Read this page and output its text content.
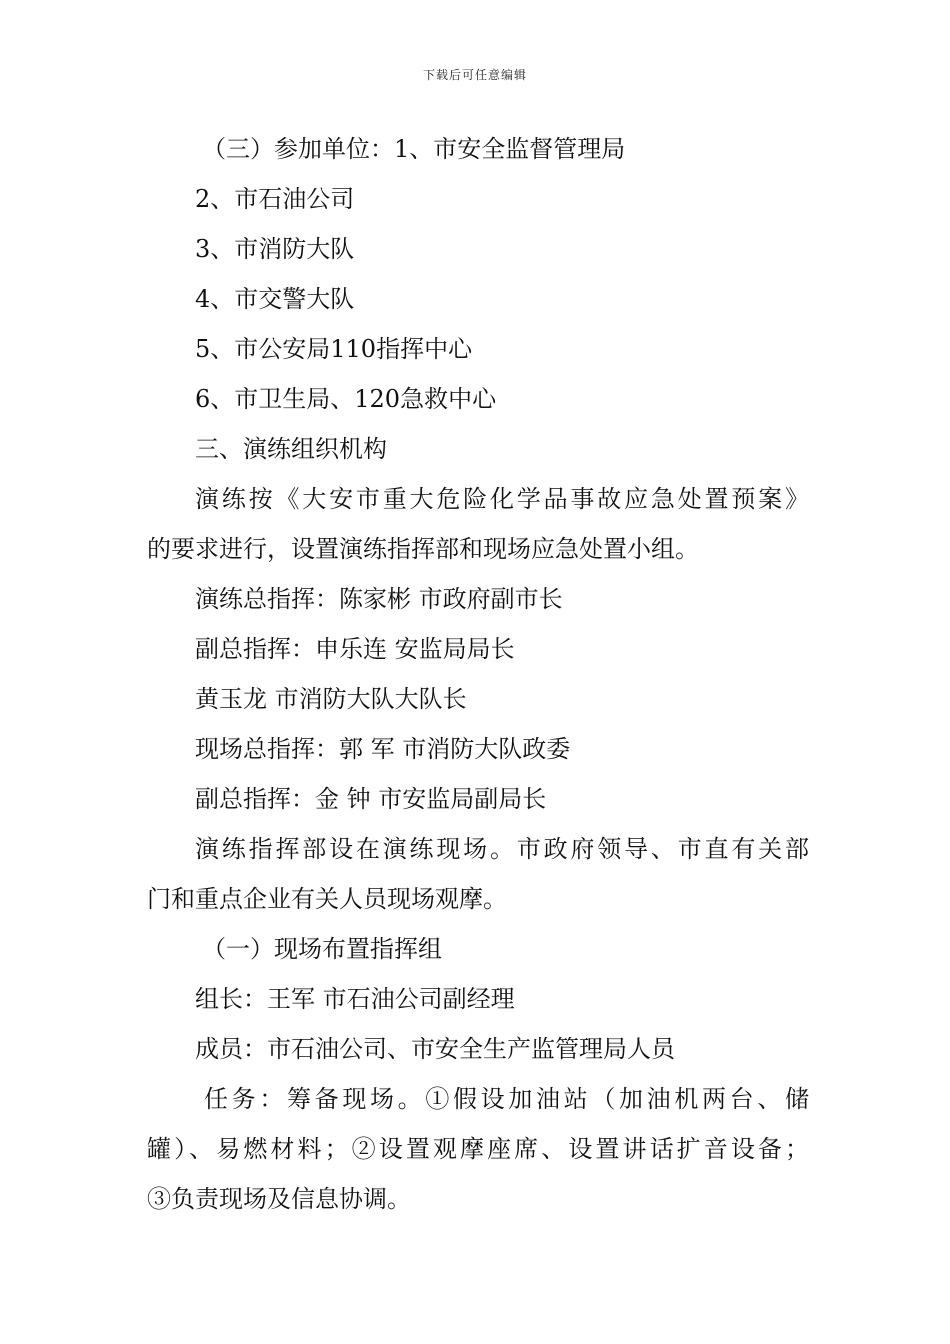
下载后可任意编辑
（三）参加单位：1、市安全监督管理局
2、市石油公司
3、市消防大队
4、市交警大队
5、市公安局110指挥中心
6、市卫生局、120急救中心
三、演练组织机构
演练按《大安市重大危险化学品事故应急处置预案》
的要求进行，设置演练指挥部和现场应急处置小组。
演练总指挥：陈家彬 市政府副市长
副总指挥：申乐连 安监局局长
黄玉龙 市消防大队大队长
现场总指挥：郭 军 市消防大队政委
副总指挥：金 钟 市安监局副局长
演练指挥部设在演练现场。市政府领导、市直有关部
门和重点企业有关人员现场观摩。
（一）现场布置指挥组
组长：王军 市石油公司副经理
成员：市石油公司、市安全生产监管理局人员
任务：筹备现场。①假设加油站（加油机两台、储
罐）、易燃材料；②设置观摩座席、设置讲话扩音设备；
③负责现场及信息协调。
